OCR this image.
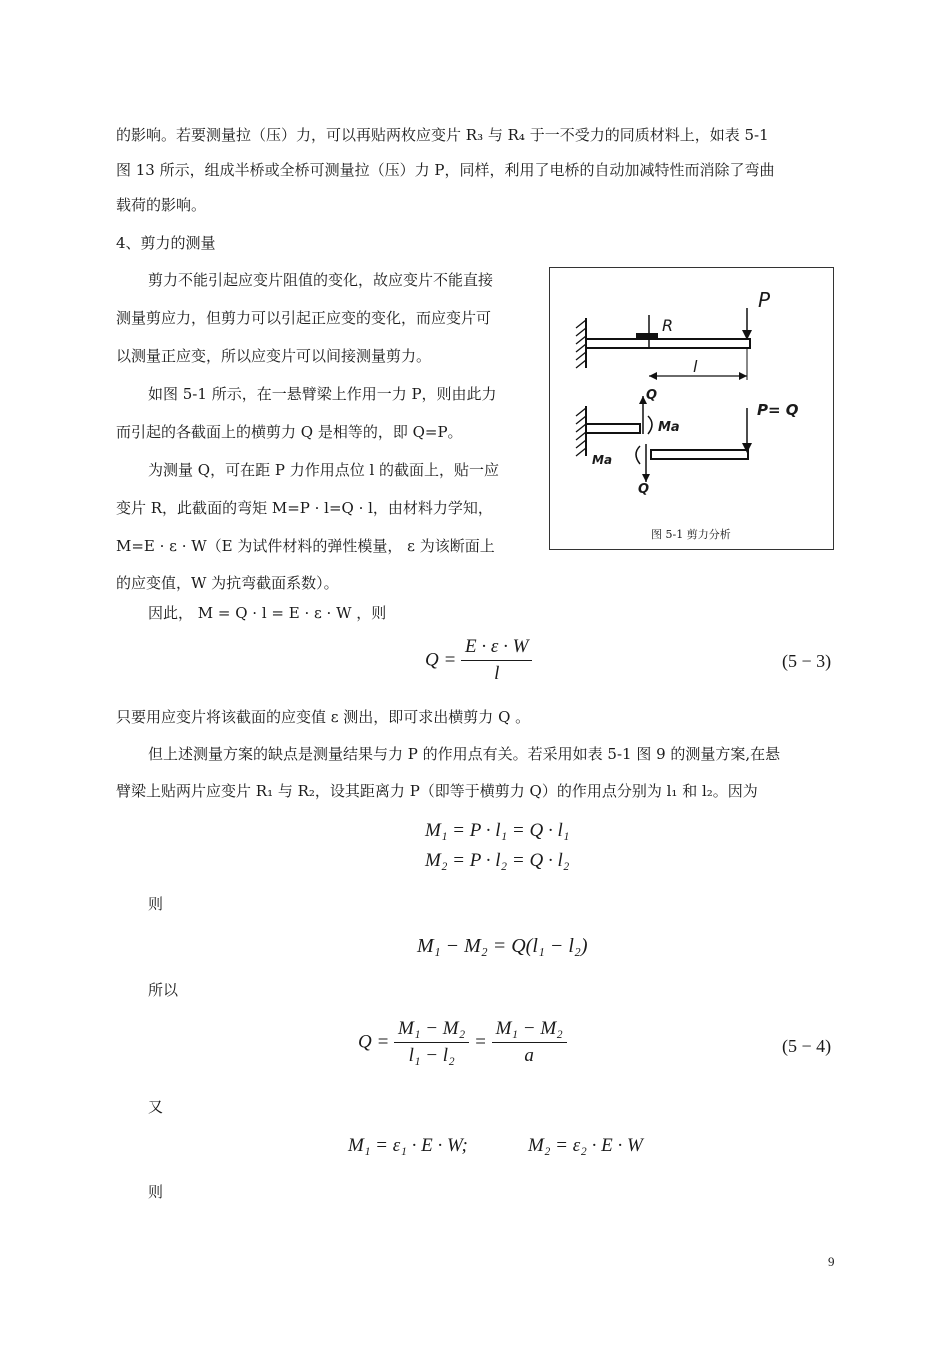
的影响。若要测量拉（压）力，可以再贴两枚应变片 R₃ 与 R₄ 于一不受力的同质材料上，如表 5-1
图 13 所示，组成半桥或全桥可测量拉（压）力 P，同样，利用了电桥的自动加减特性而消除了弯曲
载荷的影响。
4、剪力的测量
剪力不能引起应变片阻值的变化，故应变片不能直接
测量剪应力，但剪力可以引起正应变的变化，而应变片可
以测量正应变，所以应变片可以间接测量剪力。
如图 5-1 所示，在一悬臂梁上作用一力 P，则由此力
而引起的各截面上的横剪力 Q 是相等的，即 Q=P。
为测量 Q，可在距 P 力作用点位 l 的截面上，贴一应
变片 R，此截面的弯矩 M=P · l=Q · l，由材料力学知，
M=E · ε · W（E 为试件材料的弹性模量， ε 为该断面上
的应变值，W 为抗弯截面系数）。
P
R
l
Q
Ma
P= Q
Ma
Q
图 5-1 剪力分析
因此， M = Q · l = E · ε · W ，则
$Q = \frac{E \cdot \varepsilon \cdot W}{l}$	(5 − 3)
只要用应变片将该截面的应变值 ε 测出，即可求出横剪力 Q 。
但上述测量方案的缺点是测量结果与力 P 的作用点有关。若采用如表 5-1 图 9 的测量方案,在悬
臂梁上贴两片应变片 R₁ 与 R₂，设其距离力 P（即等于横剪力 Q）的作用点分别为 l₁ 和 l₂。因为
M₁ = P · l₁ = Q · l₁
M₂ = P · l₂ = Q · l₂
则
M₁ − M₂ = Q(l₁ − l₂)
所以
$Q = \frac{\text{M₁ − M₂}}{\text{l₁ − l₂}} = \frac{\text{M₁ − M₂}}{a}$	(5 − 4)
又
M₁ = ε₁ · E · W;	M₂ = ε₂ · E · W
则
9
